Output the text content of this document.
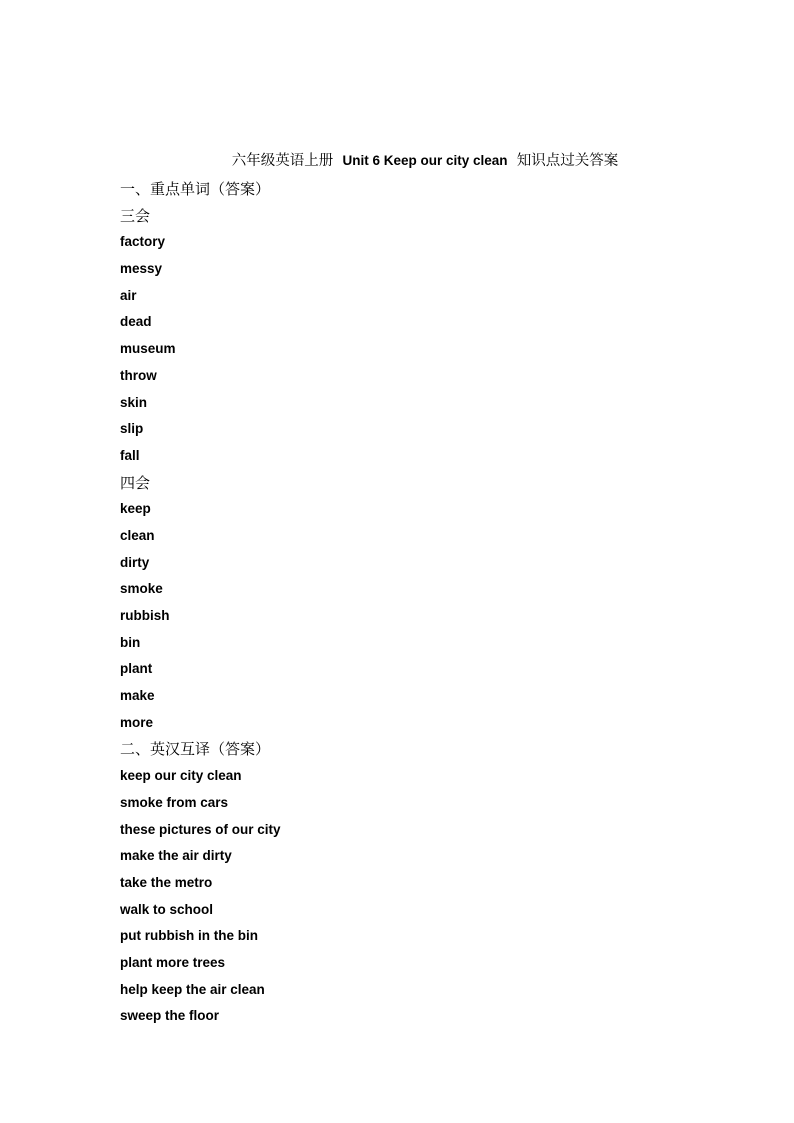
六年级英语上册 Unit 6 Keep our city clean 知识点过关答案
一、重点单词（答案）
三会
factory
messy
air
dead
museum
throw
skin
slip
fall
四会
keep
clean
dirty
smoke
rubbish
bin
plant
make
more
二、英汉互译（答案）
keep our city clean
smoke from cars
these pictures of our city
make the air dirty
take the metro
walk to school
put rubbish in the bin
plant more trees
help keep the air clean
sweep the floor
